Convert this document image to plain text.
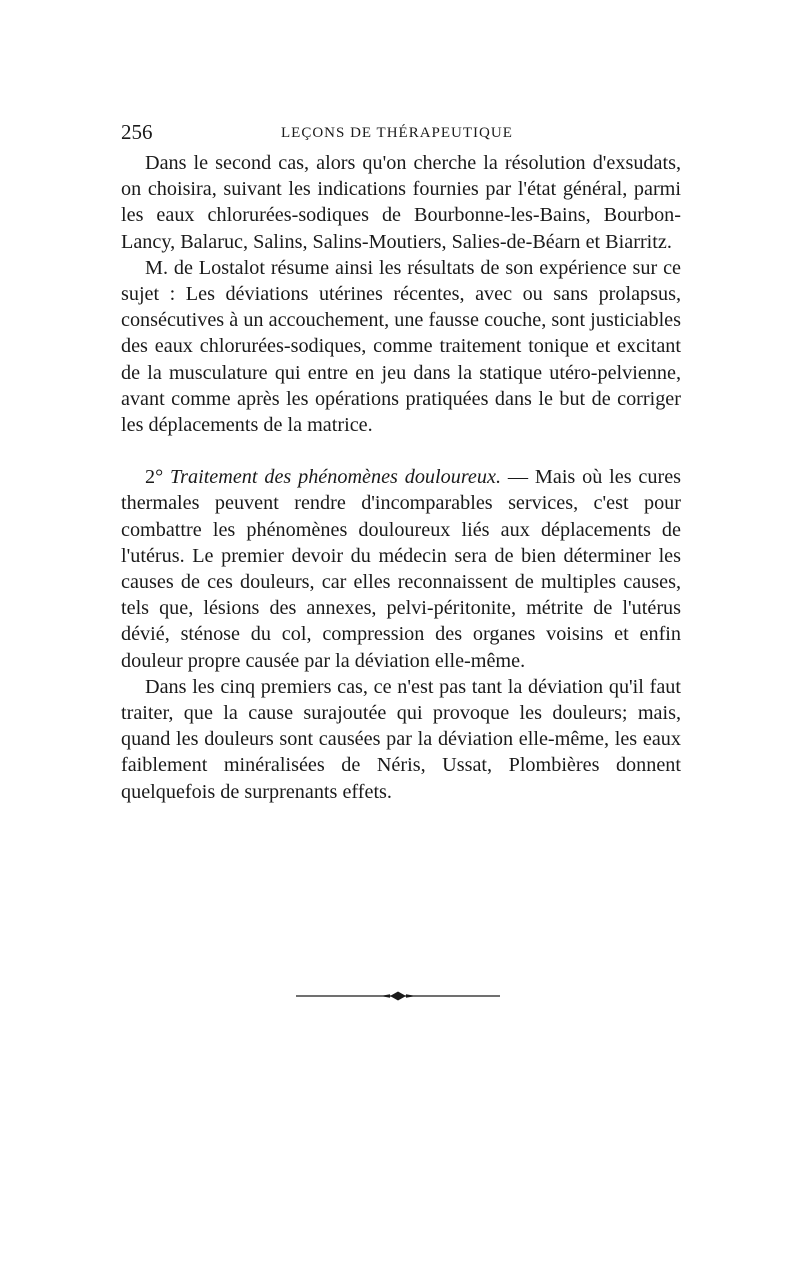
256	LEÇONS DE THÉRAPEUTIQUE

Dans le second cas, alors qu'on cherche la résolution d'exsudats, on choisira, suivant les indications fournies par l'état général, parmi les eaux chlorurées-sodiques de Bourbonne-les-Bains, Bourbon-Lancy, Balaruc, Salins, Salins-Moutiers, Salies-de-Béarn et Biarritz.

M. de Lostalot résume ainsi les résultats de son expérience sur ce sujet : Les déviations utérines récentes, avec ou sans prolapsus, consécutives à un accouchement, une fausse couche, sont justiciables des eaux chlorurées-sodiques, comme traitement tonique et excitant de la musculature qui entre en jeu dans la statique utéro-pelvienne, avant comme après les opérations pratiquées dans le but de corriger les déplacements de la matrice.

2° Traitement des phénomènes douloureux. — Mais où les cures thermales peuvent rendre d'incomparables services, c'est pour combattre les phénomènes douloureux liés aux déplacements de l'utérus. Le premier devoir du médecin sera de bien déterminer les causes de ces douleurs, car elles reconnaissent de multiples causes, tels que, lésions des annexes, pelvi-péritonite, métrite de l'utérus dévié, sténose du col, compression des organes voisins et enfin douleur propre causée par la déviation elle-même.

Dans les cinq premiers cas, ce n'est pas tant la déviation qu'il faut traiter, que la cause surajoutée qui provoque les douleurs; mais, quand les douleurs sont causées par la déviation elle-même, les eaux faiblement minéralisées de Néris, Ussat, Plombières donnent quelquefois de surprenants effets.
